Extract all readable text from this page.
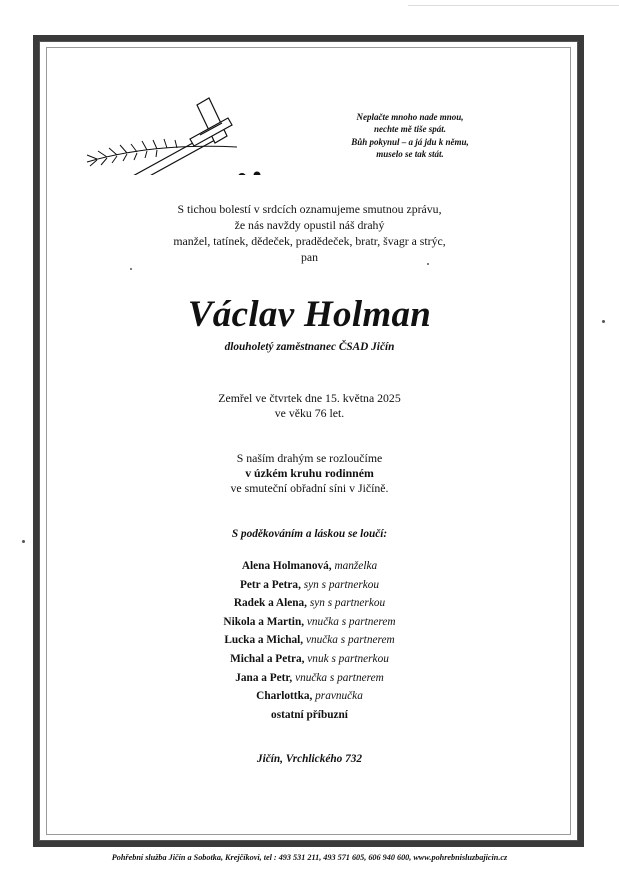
Neplačte mnoho nade mnou,
nechte mě tiše spát.
Bůh pokynul – a já jdu k němu,
muselo se tak stát.
S tichou bolestí v srdcích oznamujeme smutnou zprávu,
že nás navždy opustil náš drahý
manžel, tatínek, dědeček, pradědeček, bratr, švagr a strýc,
pan
Václav Holman
dlouholetý zaměstnanec ČSAD Jičín
Zemřel ve čtvrtek dne 15. května 2025
ve věku 76 let.
S naším drahým se rozloučíme
v úzkém kruhu rodinném
ve smuteční obřadní síni v Jičíně.
S poděkováním a láskou se loučí:
Alena Holmanová, manželka
Petr a Petra, syn s partnerkou
Radek a Alena, syn s partnerkou
Nikola a Martin, vnučka s partnerem
Lucka a Michal, vnučka s partnerem
Michal a Petra, vnuk s partnerkou
Jana a Petr, vnučka s partnerem
Charlottka, pravnučka
ostatní příbuzní
Jičín, Vrchlického 732
Pohřební služba Jičín a Sobotka, Krejčíkovi, tel : 493 531 211, 493 571 605, 606 940 600, www.pohrebnisluzbajicin.cz
